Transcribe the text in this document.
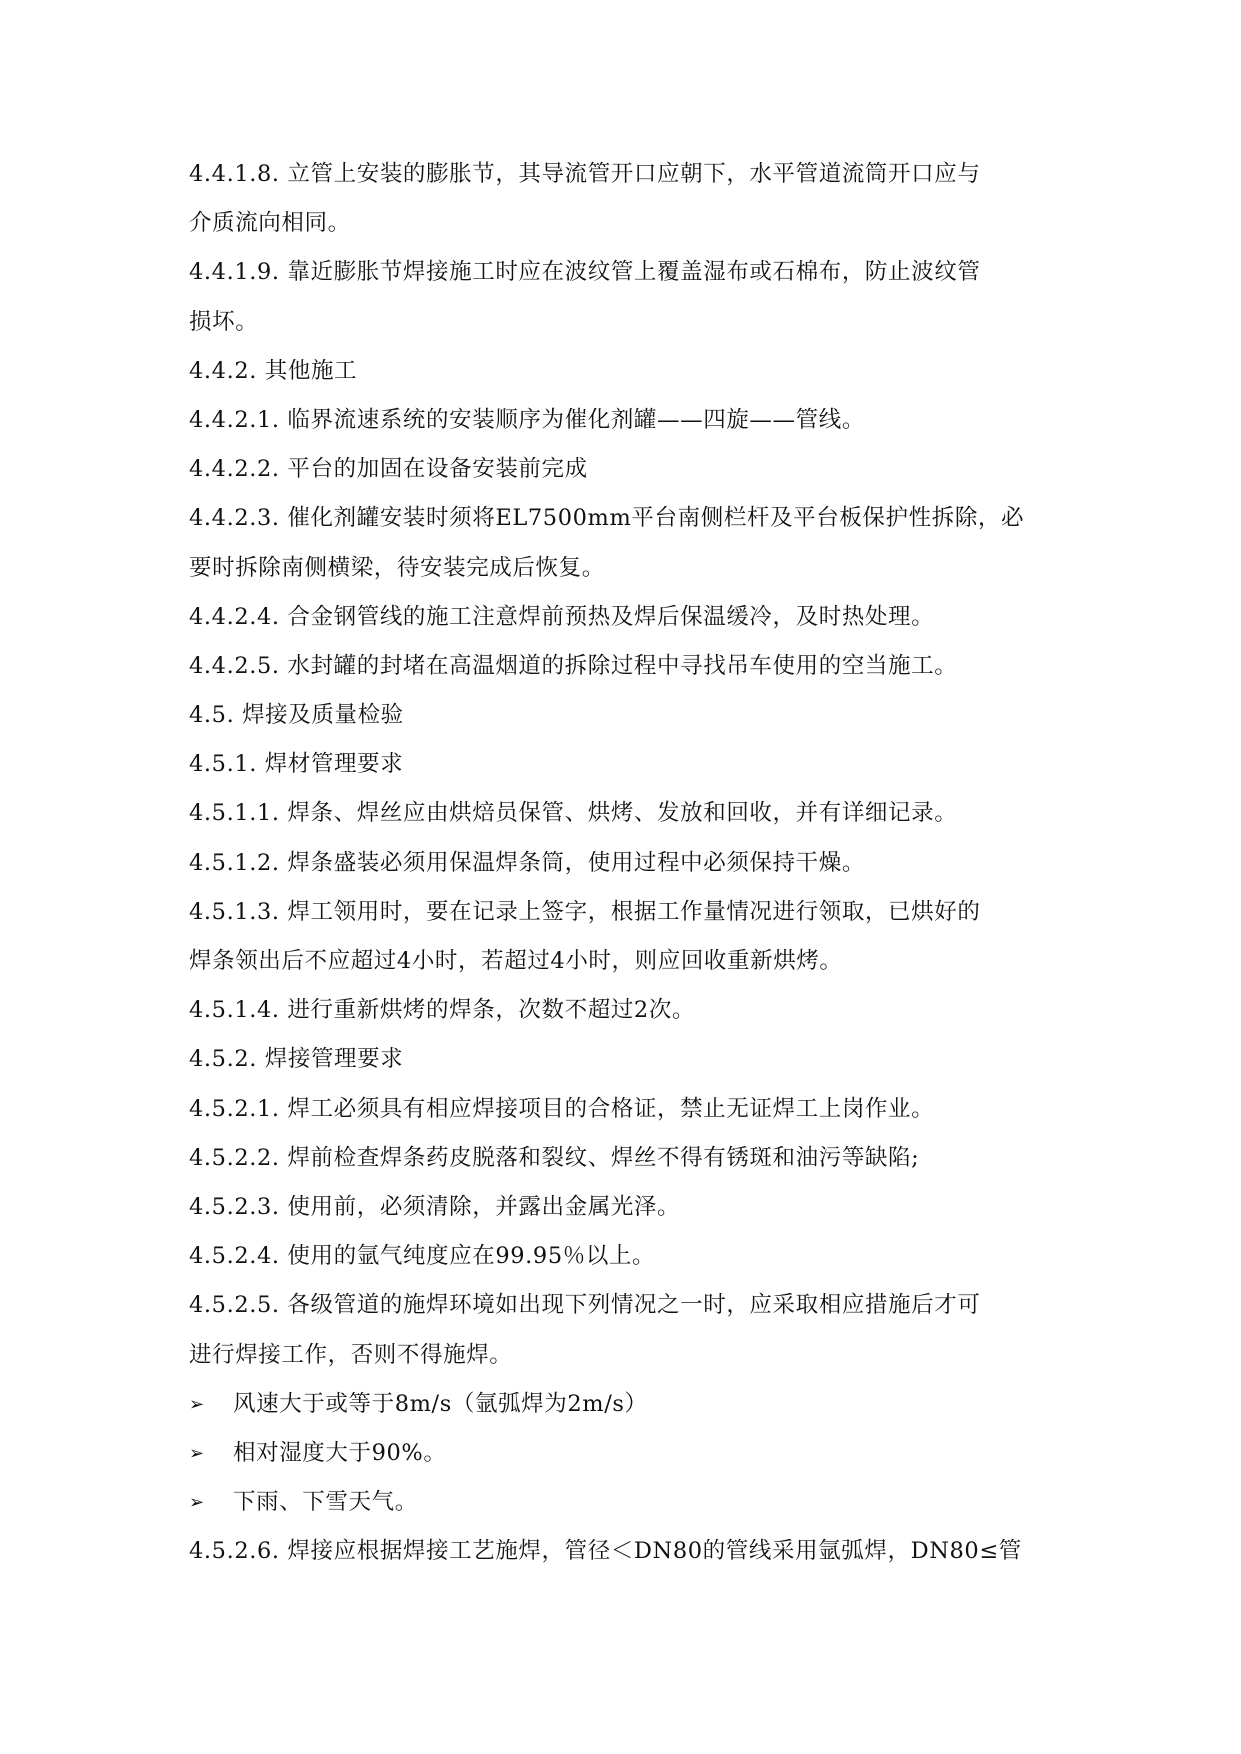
4.4.1.8. 立管上安装的膨胀节，其导流管开口应朝下，水平管道流筒开口应与
介质流向相同。
4.4.1.9. 靠近膨胀节焊接施工时应在波纹管上覆盖湿布或石棉布，防止波纹管
损坏。
4.4.2. 其他施工
4.4.2.1. 临界流速系统的安装顺序为催化剂罐——四旋——管线。
4.4.2.2. 平台的加固在设备安装前完成
4.4.2.3. 催化剂罐安装时须将EL7500mm平台南侧栏杆及平台板保护性拆除，必
要时拆除南侧横梁，待安装完成后恢复。
4.4.2.4. 合金钢管线的施工注意焊前预热及焊后保温缓冷，及时热处理。
4.4.2.5. 水封罐的封堵在高温烟道的拆除过程中寻找吊车使用的空当施工。
4.5. 焊接及质量检验
4.5.1. 焊材管理要求
4.5.1.1. 焊条、焊丝应由烘焙员保管、烘烤、发放和回收，并有详细记录。
4.5.1.2. 焊条盛装必须用保温焊条筒，使用过程中必须保持干燥。
4.5.1.3. 焊工领用时，要在记录上签字，根据工作量情况进行领取，已烘好的
焊条领出后不应超过4小时，若超过4小时，则应回收重新烘烤。
4.5.1.4. 进行重新烘烤的焊条，次数不超过2次。
4.5.2. 焊接管理要求
4.5.2.1. 焊工必须具有相应焊接项目的合格证，禁止无证焊工上岗作业。
4.5.2.2. 焊前检查焊条药皮脱落和裂纹、焊丝不得有锈斑和油污等缺陷;
4.5.2.3. 使用前，必须清除，并露出金属光泽。
4.5.2.4. 使用的氩气纯度应在99.95％以上。
4.5.2.5. 各级管道的施焊环境如出现下列情况之一时，应采取相应措施后才可
进行焊接工作，否则不得施焊。
➢	风速大于或等于8m/s（氩弧焊为2m/s）
➢	相对湿度大于90%。
➢	下雨、下雪天气。
4.5.2.6. 焊接应根据焊接工艺施焊，管径＜DN80的管线采用氩弧焊，DN80≤管
